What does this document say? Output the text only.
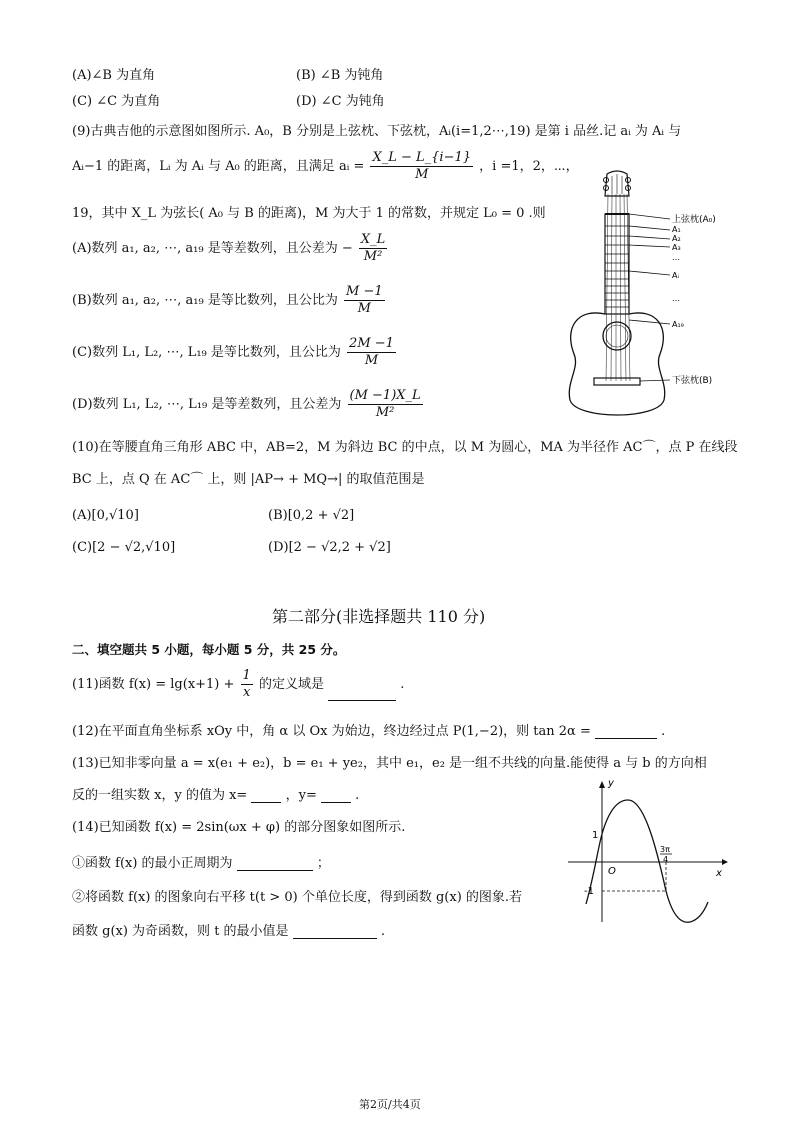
(A)∠B 为直角	(B) ∠B 为钝角
(C) ∠C 为直角	(D) ∠C 为钝角
(9)古典吉他的示意图如图所示. A₀，B 分别是上弦枕、下弦枕，Aᵢ(i=1,2⋯,19) 是第 i 品丝.记 aᵢ 为 Aᵢ 与
Aᵢ−1 的距离，Lᵢ 为 Aᵢ 与 A₀ 的距离，且满足 aᵢ = $\frac{X\_L - L\_\{i-1\}}{M}$ ，i =1，2，⋯，
19，其中 X_L 为弦长( A₀ 与 B 的距离)，M 为大于 1 的常数，并规定 L₀ = 0 .则
(A)数列 a₁, a₂, ⋯, a₁₉ 是等差数列，且公差为 − $\frac{X\_L}{\text{M²}}$
(B)数列 a₁, a₂, ⋯, a₁₉ 是等比数列，且公比为 $\frac{M -1}{M}$
(C)数列 L₁, L₂, ⋯, L₁₉ 是等比数列，且公比为 $\frac{2M -1}{M}$
(D)数列 L₁, L₂, ⋯, L₁₉ 是等差数列，且公差为 $\frac{(M -1)X\_L}{\text{M²}}$
上弦枕(A₀)
A₁
A₂
A₃
⋯
Aᵢ
⋯
A₁₉
下弦枕(B)
(10)在等腰直角三角形 ABC 中，AB=2，M 为斜边 BC 的中点，以 M 为圆心，MA 为半径作 AC⌒，点 P 在线段
BC 上，点 Q 在 AC⌒ 上，则 |AP→ + MQ→| 的取值范围是
(A)[0,√10]	(B)[0,2 + √2]
(C)[2 − √2,√10]	(D)[2 − √2,2 + √2]
第二部分(非选择题共 110 分)
二、填空题共 5 小题，每小题 5 分，共 25 分。
(11)函数 $f(x) = \lg(x+1) + \frac{1}{x}$ 的定义域是	.
(12)在平面直角坐标系 xOy 中，角 α 以 Ox 为始边，终边经过点 P(1,−2)，则 tan 2α =	.
(13)已知非零向量 a = x(e₁ + e₂)，b = e₁ + ye₂，其中 e₁，e₂ 是一组不共线的向量.能使得 a 与 b 的方向相
反的一组实数 x，y 的值为 x=	，y=	.
(14)已知函数 f(x) = 2sin(ωx + φ) 的部分图象如图所示.
①函数 f(x) 的最小正周期为	；
②将函数 f(x) 的图象向右平移 t(t > 0) 个单位长度，得到函数 g(x) 的图象.若
函数 g(x) 为奇函数，则 t 的最小值是	.
y
x
O
1
-1
3π
4
第2页/共4页
